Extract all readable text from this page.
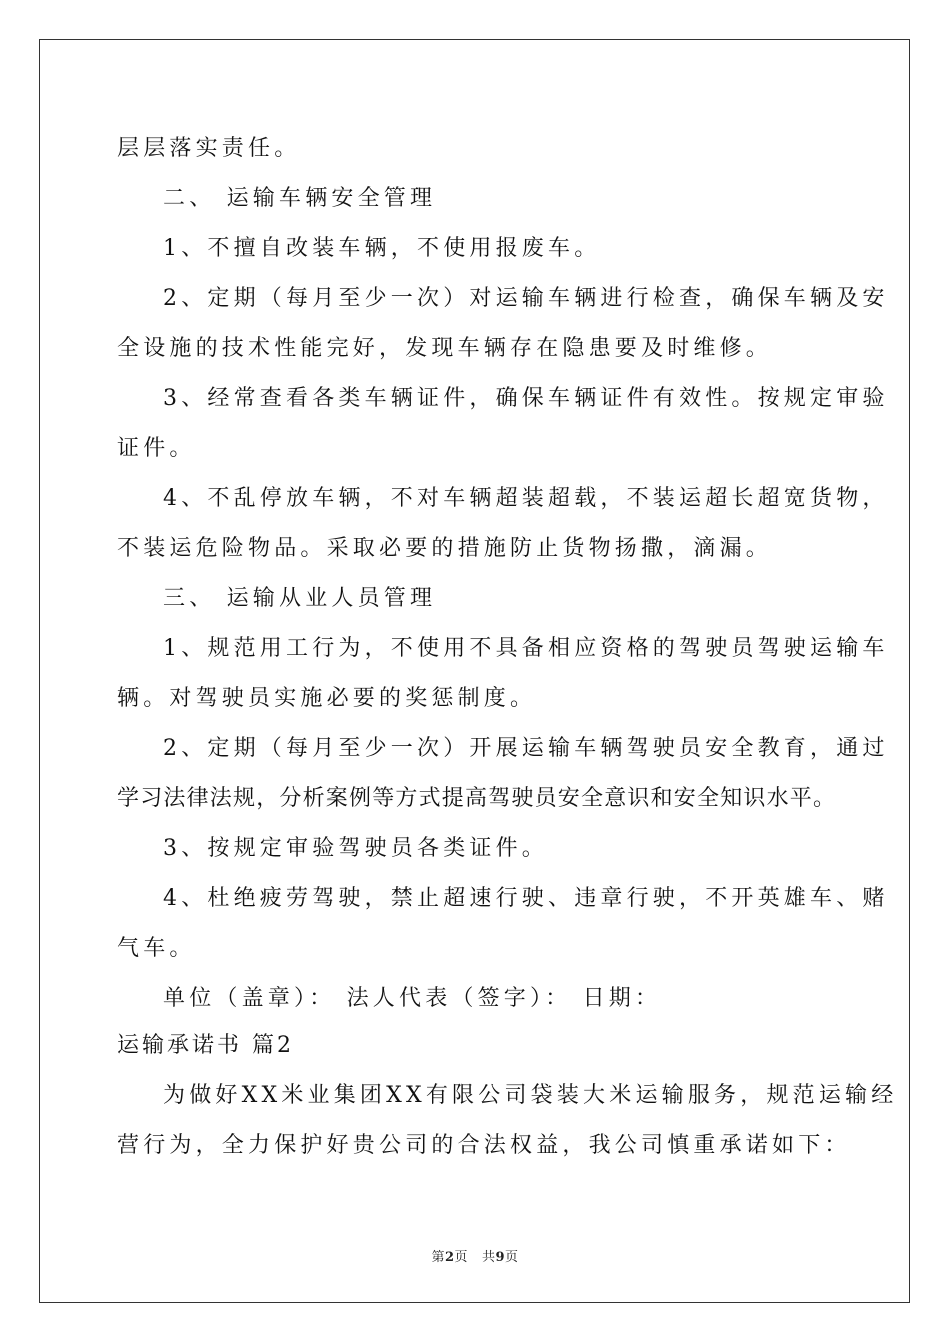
层层落实责任。
二、 运输车辆安全管理
1、不擅自改装车辆，不使用报废车。
2、定期（每月至少一次）对运输车辆进行检查，确保车辆及安
全设施的技术性能完好，发现车辆存在隐患要及时维修。
3、经常查看各类车辆证件，确保车辆证件有效性。按规定审验
证件。
4、不乱停放车辆，不对车辆超装超载，不装运超长超宽货物，
不装运危险物品。采取必要的措施防止货物扬撒，滴漏。
三、 运输从业人员管理
1、规范用工行为，不使用不具备相应资格的驾驶员驾驶运输车
辆。对驾驶员实施必要的奖惩制度。
2、定期（每月至少一次）开展运输车辆驾驶员安全教育，通过
学习法律法规，分析案例等方式提高驾驶员安全意识和安全知识水平。
3、按规定审验驾驶员各类证件。
4、杜绝疲劳驾驶，禁止超速行驶、违章行驶，不开英雄车、赌
气车。
单位（盖章）： 法人代表（签字）： 日期：
运输承诺书 篇2
为做好XX米业集团XX有限公司袋装大米运输服务，规范运输经
营行为，全力保护好贵公司的合法权益，我公司慎重承诺如下：
第2页 共9页
